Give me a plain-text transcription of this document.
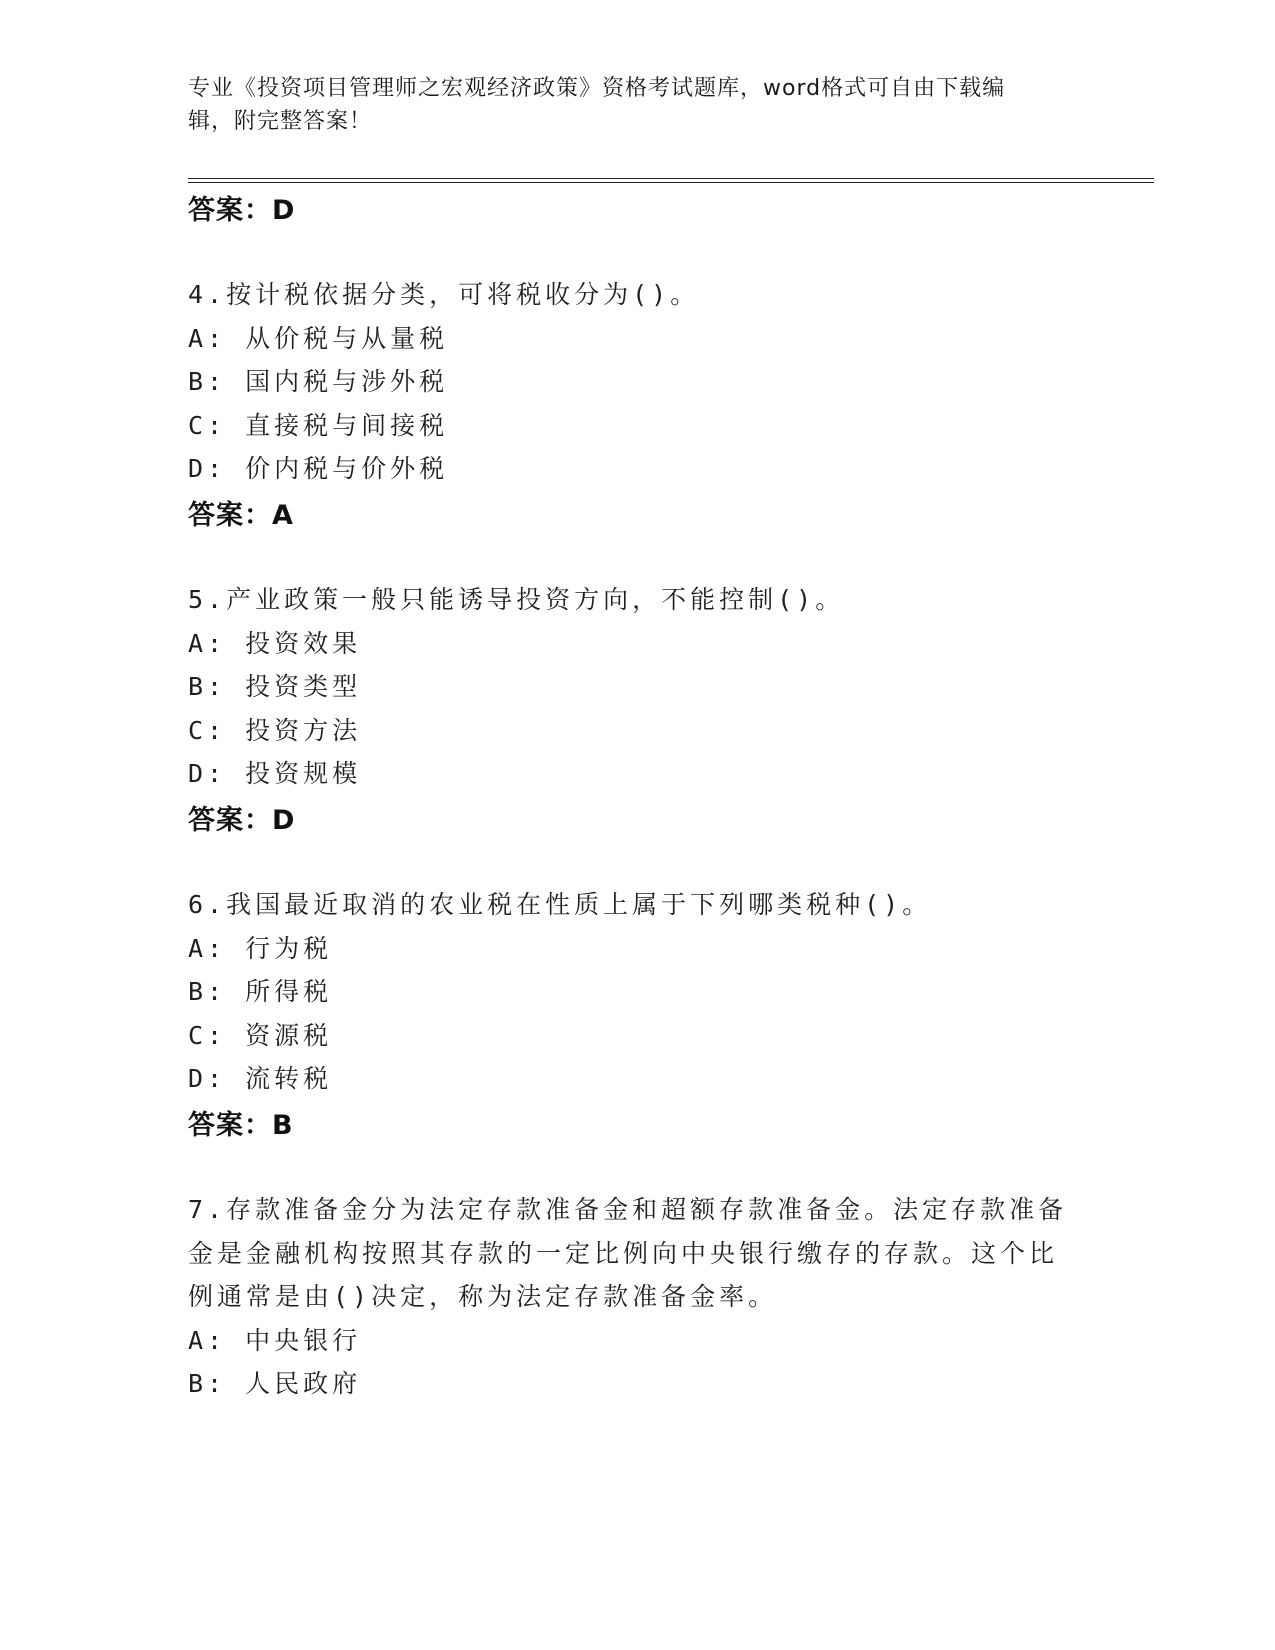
专业《投资项目管理师之宏观经济政策》资格考试题库，word格式可自由下载编
辑，附完整答案！
答案：D
4.按计税依据分类，可将税收分为()。
A: 从价税与从量税
B: 国内税与涉外税
C: 直接税与间接税
D: 价内税与价外税
答案：A
5.产业政策一般只能诱导投资方向，不能控制()。
A: 投资效果
B: 投资类型
C: 投资方法
D: 投资规模
答案：D
6.我国最近取消的农业税在性质上属于下列哪类税种()。
A: 行为税
B: 所得税
C: 资源税
D: 流转税
答案：B
7.存款准备金分为法定存款准备金和超额存款准备金。法定存款准备
金是金融机构按照其存款的一定比例向中央银行缴存的存款。这个比
例通常是由()决定，称为法定存款准备金率。
A: 中央银行
B: 人民政府
